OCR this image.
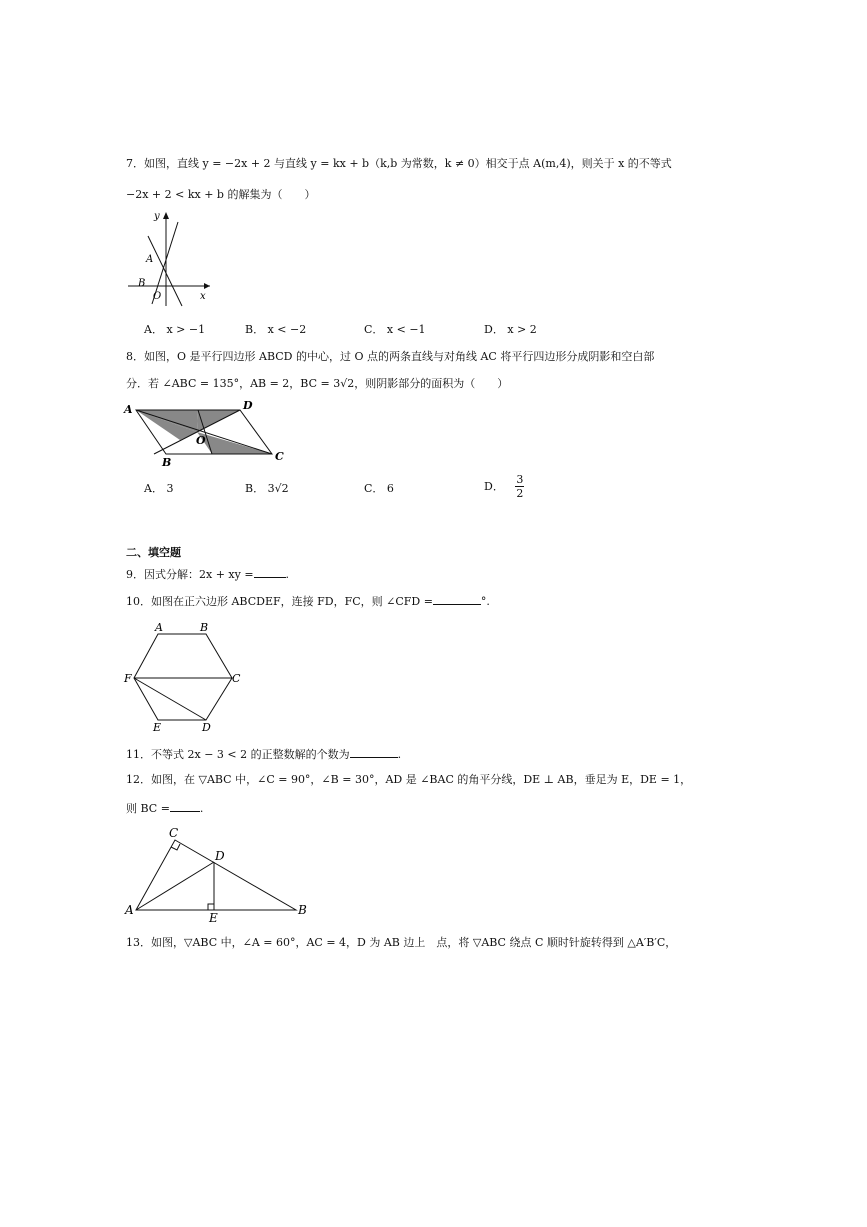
7．如图，直线 y = −2x + 2 与直线 y = kx + b（k,b 为常数，k ≠ 0）相交于点 A(m,4)，则关于 x 的不等式
−2x + 2 < kx + b 的解集为（　　）
y
x
A
B
O
A． x > −1	B． x < −2	C． x < −1	D． x > 2
8．如图，O 是平行四边形 ABCD 的中心，过 O 点的两条直线与对角线 AC 将平行四边形分成阴影和空白部
分．若 ∠ABC = 135°，AB = 2，BC = 3√2，则阴影部分的面积为（　　）
A
B	C
D
O
A． 3	B． 3√2	C． 6	D． $\frac{3}{2}$
二、填空题
9．因式分解：2x + xy =	.
10．如图在正六边形 ABCDEF，连接 FD，FC，则 ∠CFD =	°.
A	B
C
D
E
F
11．不等式 2x − 3 < 2 的正整数解的个数为	.
12．如图，在 ▽ABC 中，∠C = 90°，∠B = 30°，AD 是 ∠BAC 的角平分线，DE ⊥ AB，垂足为 E，DE = 1，
则 BC =	.
A	B
C
D
E
13．如图，▽ABC 中，∠A = 60°，AC = 4，D 为 AB 边上　点，将 ▽ABC 绕点 C 顺时针旋转得到 △A′B′C，
